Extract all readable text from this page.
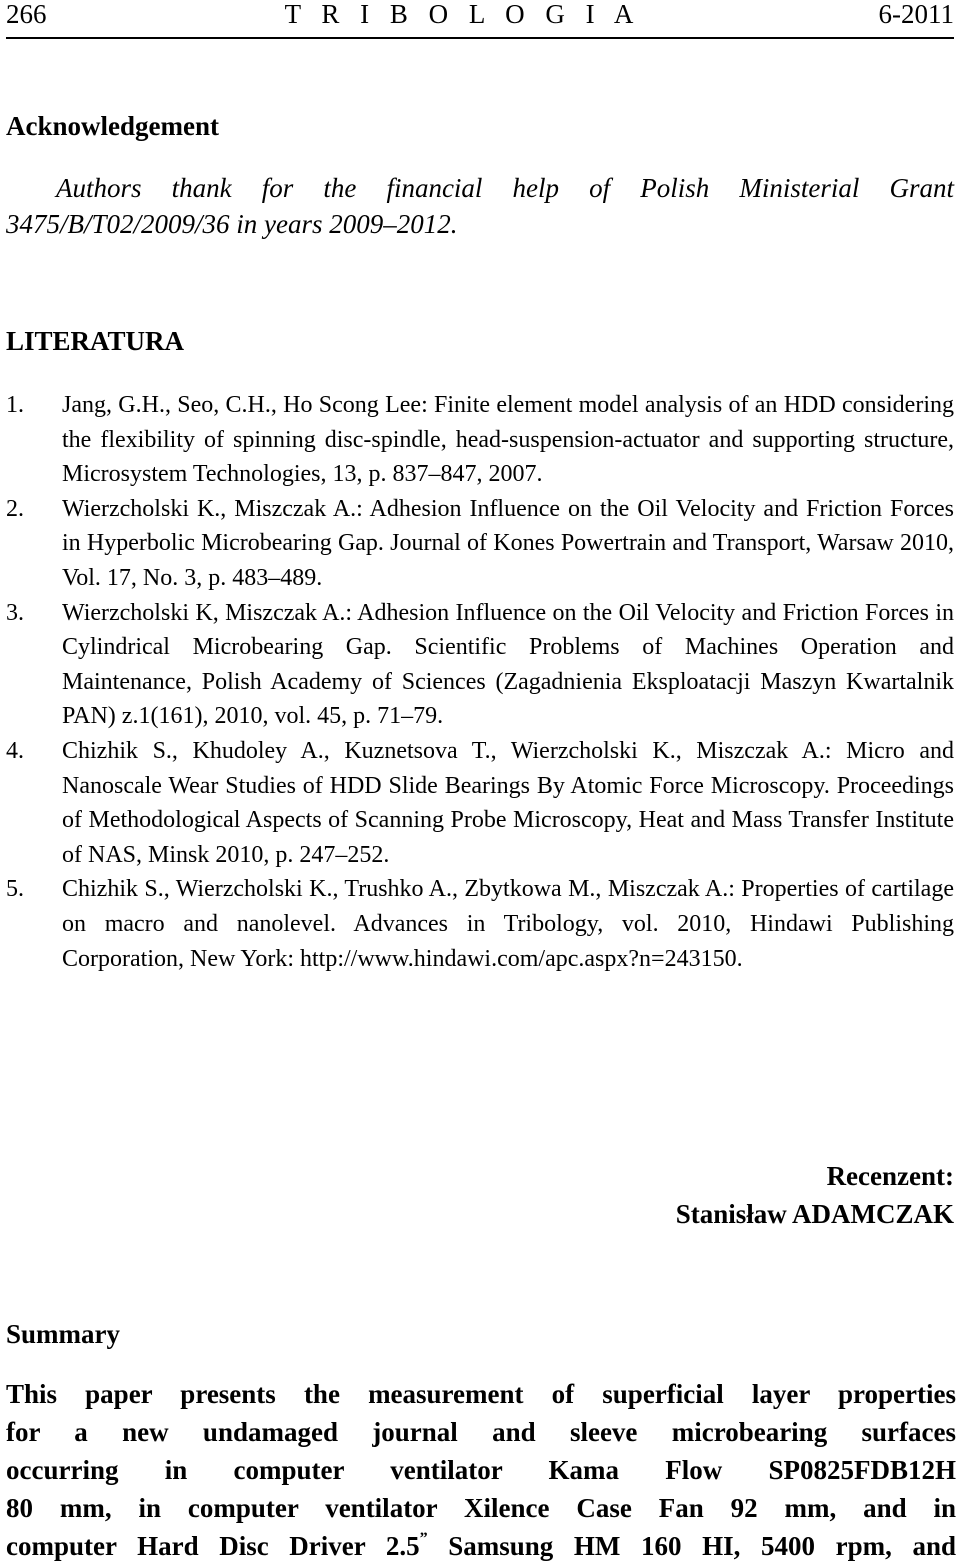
266	T R I B O L O G I A	6-2011
Acknowledgement
Authors thank for the financial help of Polish Ministerial Grant
3475/B/T02/2009/36 in years 2009–2012.
LITERATURA
1.	Jang, G.H., Seo, C.H., Ho Scong Lee: Finite element model analysis of an HDD considering the flexibility of spinning disc-spindle, head-suspension-actuator and supporting structure, Microsystem Technologies, 13, p. 837–847, 2007.
2.	Wierzcholski K., Miszczak A.: Adhesion Influence on the Oil Velocity and Friction Forces in Hyperbolic Microbearing Gap. Journal of Kones Powertrain and Transport, Warsaw 2010, Vol. 17, No. 3, p. 483–489.
3.	Wierzcholski K, Miszczak A.: Adhesion Influence on the Oil Velocity and Friction Forces in Cylindrical Microbearing Gap. Scientific Problems of Machines Operation and Maintenance, Polish Academy of Sciences (Zagadnienia Eksploatacji Maszyn Kwartalnik PAN) z.1(161), 2010, vol. 45, p. 71–79.
4.	Chizhik S., Khudoley A., Kuznetsova T., Wierzcholski K., Miszczak A.: Micro and Nanoscale Wear Studies of HDD Slide Bearings By Atomic Force Microscopy. Proceedings of Methodological Aspects of Scanning Probe Microscopy, Heat and Mass Transfer Institute of NAS, Minsk 2010, p. 247–252.
5.	Chizhik S., Wierzcholski K., Trushko A., Zbytkowa M., Miszczak A.: Properties of cartilage on macro and nanolevel. Advances in Tribology, vol. 2010, Hindawi Publishing Corporation, New York: http://www.hindawi.com/apc.aspx?n=243150.
Recenzent:
Stanisław ADAMCZAK
Summary
This paper presents the measurement of superficial layer properties
for a new undamaged journal and sleeve microbearing surfaces
occurring in computer ventilator Kama Flow SP0825FDB12H
80 mm, in computer ventilator Xilence Case Fan 92 mm, and in
computer Hard Disc Driver 2.5” Samsung HM 160 HI, 5400 rpm, and
